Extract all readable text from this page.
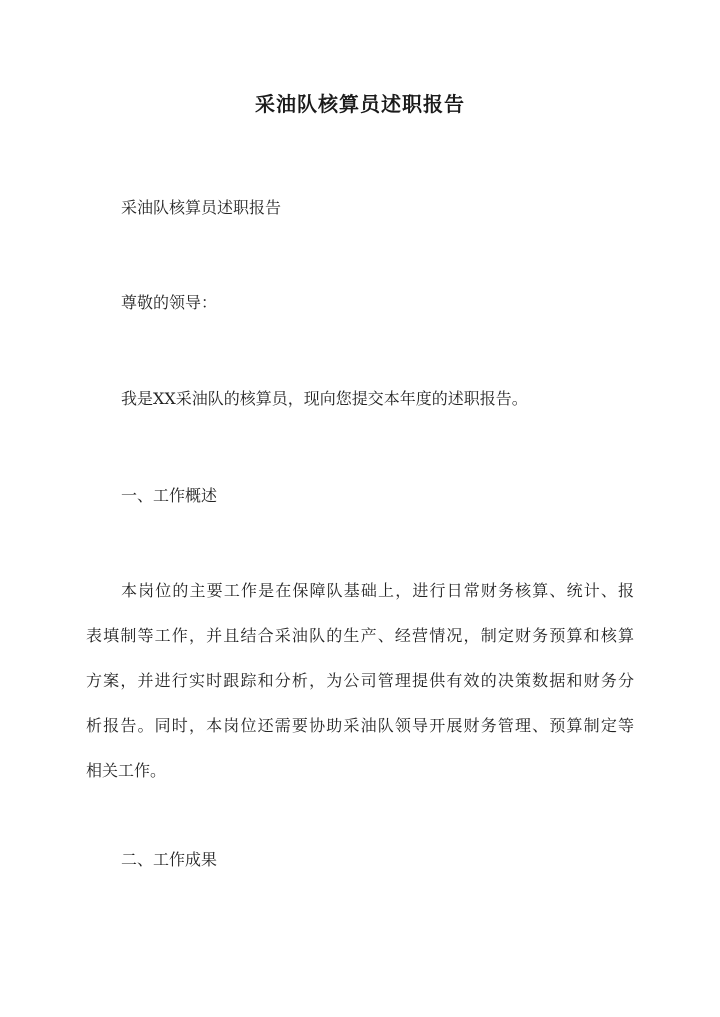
采油队核算员述职报告
采油队核算员述职报告
尊敬的领导：
我是XX采油队的核算员，现向您提交本年度的述职报告。
一、工作概述
本岗位的主要工作是在保障队基础上，进行日常财务核算、统计、报
表填制等工作，并且结合采油队的生产、经营情况，制定财务预算和核算
方案，并进行实时跟踪和分析，为公司管理提供有效的决策数据和财务分
析报告。同时，本岗位还需要协助采油队领导开展财务管理、预算制定等
相关工作。
二、工作成果
